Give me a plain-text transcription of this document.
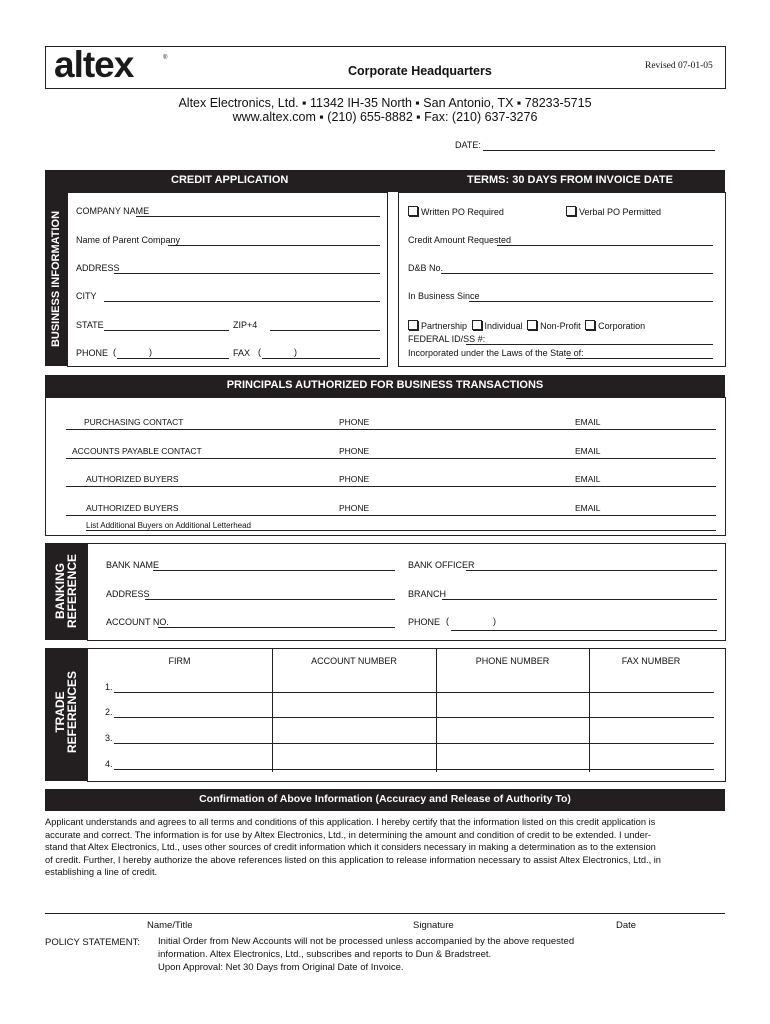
altex	®
Corporate Headquarters	Revised 07-01-05
Altex Electronics, Ltd. ▪ 11342 IH-35 North ▪ San Antonio, TX ▪ 78233-5715
www.altex.com ▪ (210) 655-8882 ▪ Fax: (210) 637-3276
DATE:
CREDIT APPLICATION	TERMS: 30 DAYS FROM INVOICE DATE
BUSINESS INFORMATION COMPANY NAME
Name of Parent Company
ADDRESS
CITY
STATE	ZIP+4
PHONE (	)	FAX (	)
Written PO Required	Verbal PO Permitted
Credit Amount Requested
D&B No.
In Business Since
Partnership Individual Non-Profit Corporation
FEDERAL ID/SS #:
Incorporated under the Laws of the State of:
PRINCIPALS AUTHORIZED FOR BUSINESS TRANSACTIONS
PURCHASING CONTACT	PHONE	EMAIL
ACCOUNTS PAYABLE CONTACT	PHONE	EMAIL
AUTHORIZED BUYERS	PHONE	EMAIL
AUTHORIZED BUYERS	PHONE	EMAIL
List Additional Buyers on Additional Letterhead
BANKING
REFERENCE	BANK NAME	BANK OFFICER
ADDRESS	BRANCH
ACCOUNT NO.	PHONE (	)
TRADE
REFERENCES
FIRM	ACCOUNT NUMBER	PHONE NUMBER	FAX NUMBER
1.
2.
3.
4.
Confirmation of Above Information (Accuracy and Release of Authority To)
Applicant understands and agrees to all terms and conditions of this application. I hereby certify that the information listed on this credit application is
accurate and correct. The information is for use by Altex Electronics, Ltd., in determining the amount and condition of credit to be extended. I under-
stand that Altex Electronics, Ltd., uses other sources of credit information which it considers necessary in making a determination as to the extension
of credit. Further, I hereby authorize the above references listed on this application to release information necessary to assist Altex Electronics, Ltd., in
establishing a line of credit.
Name/Title	Signature	Date
POLICY STATEMENT: Initial Order from New Accounts will not be processed unless accompanied by the above requested
information. Altex Electronics, Ltd., subscribes and reports to Dun & Bradstreet.
Upon Approval: Net 30 Days from Original Date of Invoice.
